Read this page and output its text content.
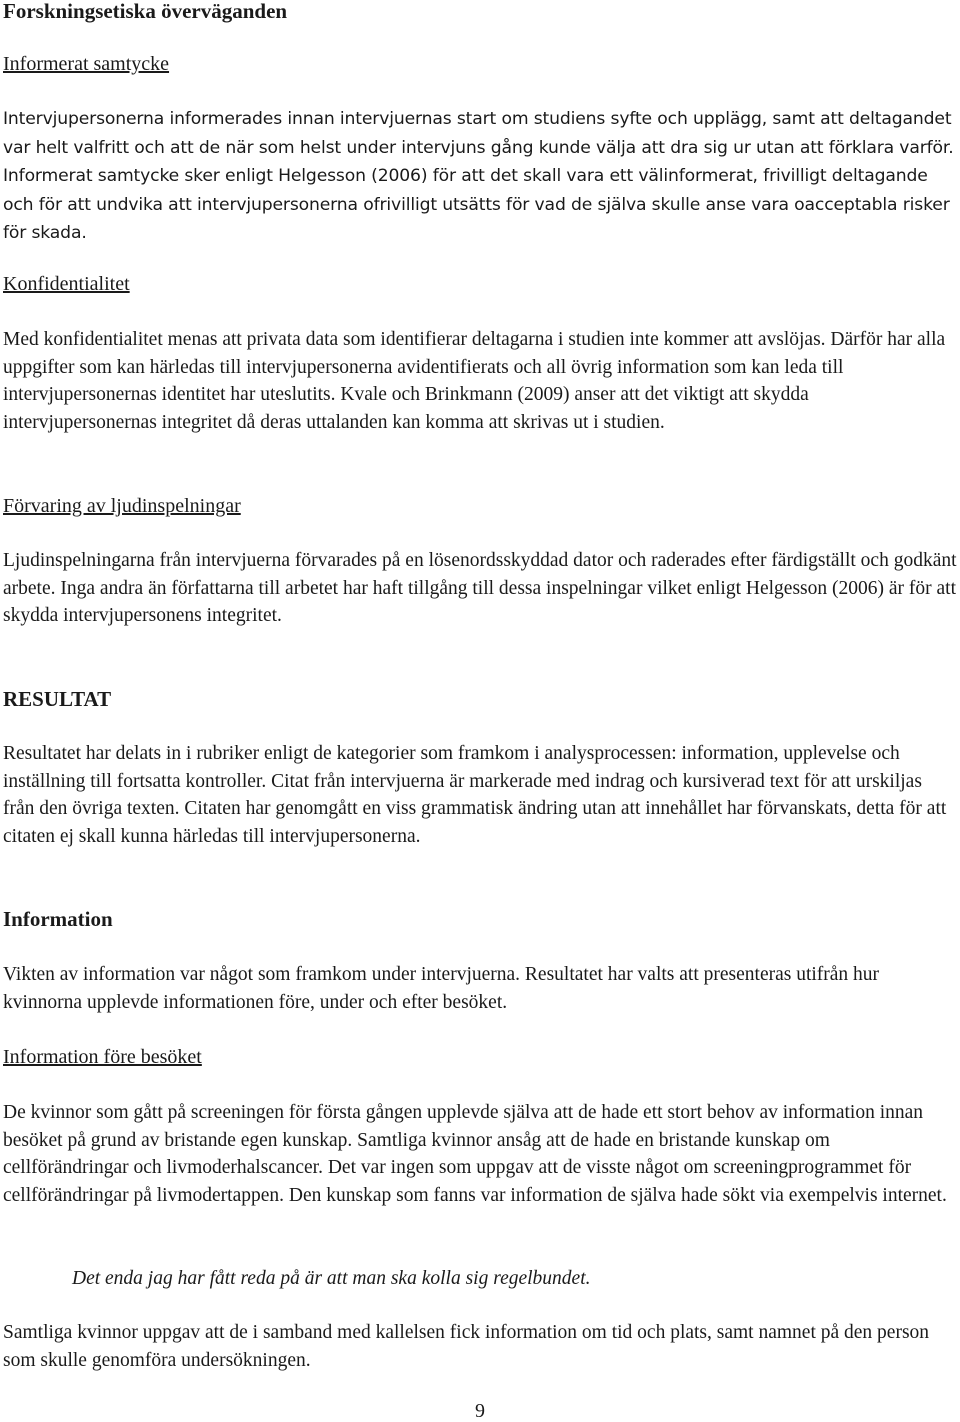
Forskningsetiska överväganden
Informerat samtycke

Intervjupersonerna informerades innan intervjuernas start om studiens syfte och upplägg, samt att deltagandet var helt valfritt och att de när som helst under intervjuns gång kunde välja att dra sig ur utan att förklara varför. Informerat samtycke sker enligt Helgesson (2006) för att det skall vara ett välinformerat, frivilligt deltagande och för att undvika att intervjupersonerna ofrivilligt utsätts för vad de själva skulle anse vara oacceptabla risker för skada.

Konfidentialitet

Med konfidentialitet menas att privata data som identifierar deltagarna i studien inte kommer att avslöjas. Därför har alla uppgifter som kan härledas till intervjupersonerna avidentifierats och all övrig information som kan leda till intervjupersonernas identitet har uteslutits. Kvale och Brinkmann (2009) anser att det viktigt att skydda intervjupersonernas integritet då deras uttalanden kan komma att skrivas ut i studien.

Förvaring av ljudinspelningar

Ljudinspelningarna från intervjuerna förvarades på en lösenordsskyddad dator och raderades efter färdigställt och godkänt arbete. Inga andra än författarna till arbetet har haft tillgång till dessa inspelningar vilket enligt Helgesson (2006) är för att skydda intervjupersonens integritet.

RESULTAT

Resultatet har delats in i rubriker enligt de kategorier som framkom i analysprocessen: information, upplevelse och inställning till fortsatta kontroller. Citat från intervjuerna är markerade med indrag och kursiverad text för att urskiljas från den övriga texten. Citaten har genomgått en viss grammatisk ändring utan att innehållet har förvanskats, detta för att citaten ej skall kunna härledas till intervjupersonerna.

Information

Vikten av information var något som framkom under intervjuerna. Resultatet har valts att presenteras utifrån hur kvinnorna upplevde informationen före, under och efter besöket.

Information före besöket

De kvinnor som gått på screeningen för första gången upplevde själva att de hade ett stort behov av information innan besöket på grund av bristande egen kunskap. Samtliga kvinnor ansåg att de hade en bristande kunskap om cellförändringar och livmoderhalscancer. Det var ingen som uppgav att de visste något om screeningprogrammet för cellförändringar på livmodertappen. Den kunskap som fanns var information de själva hade sökt via exempelvis internet.

Det enda jag har fått reda på är att man ska kolla sig regelbundet.

Samtliga kvinnor uppgav att de i samband med kallelsen fick information om tid och plats, samt namnet på den person som skulle genomföra undersökningen.

9
